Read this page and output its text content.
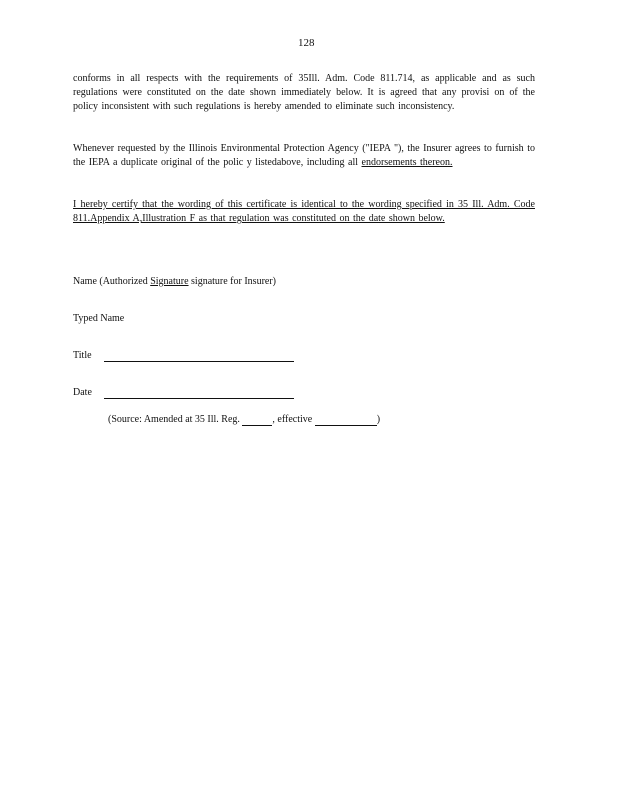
128
conforms in all respects with the requirements of 35Ill. Adm. Code 811.714, as applicable and as such regulations were constituted on the date shown immediately below. It is agreed that any provisi on of the policy inconsistent with such regulations is hereby amended to eliminate such inconsistency.
Whenever requested by the Illinois Environmental Protection Agency ("IEPA "), the Insurer agrees to furnish to the IEPA a duplicate original of the polic y listedabove, including all endorsements thereon.
I hereby certify that the wording of this certificate is identical to the wording specified in 35 Ill. Adm. Code 811.Appendix A,Illustration F as that regulation was constituted on the date shown below.
Name (Authorized Signature signature for Insurer)
Typed Name
Title
Date
(Source: Amended at 35 Ill. Reg.	, effective	)
